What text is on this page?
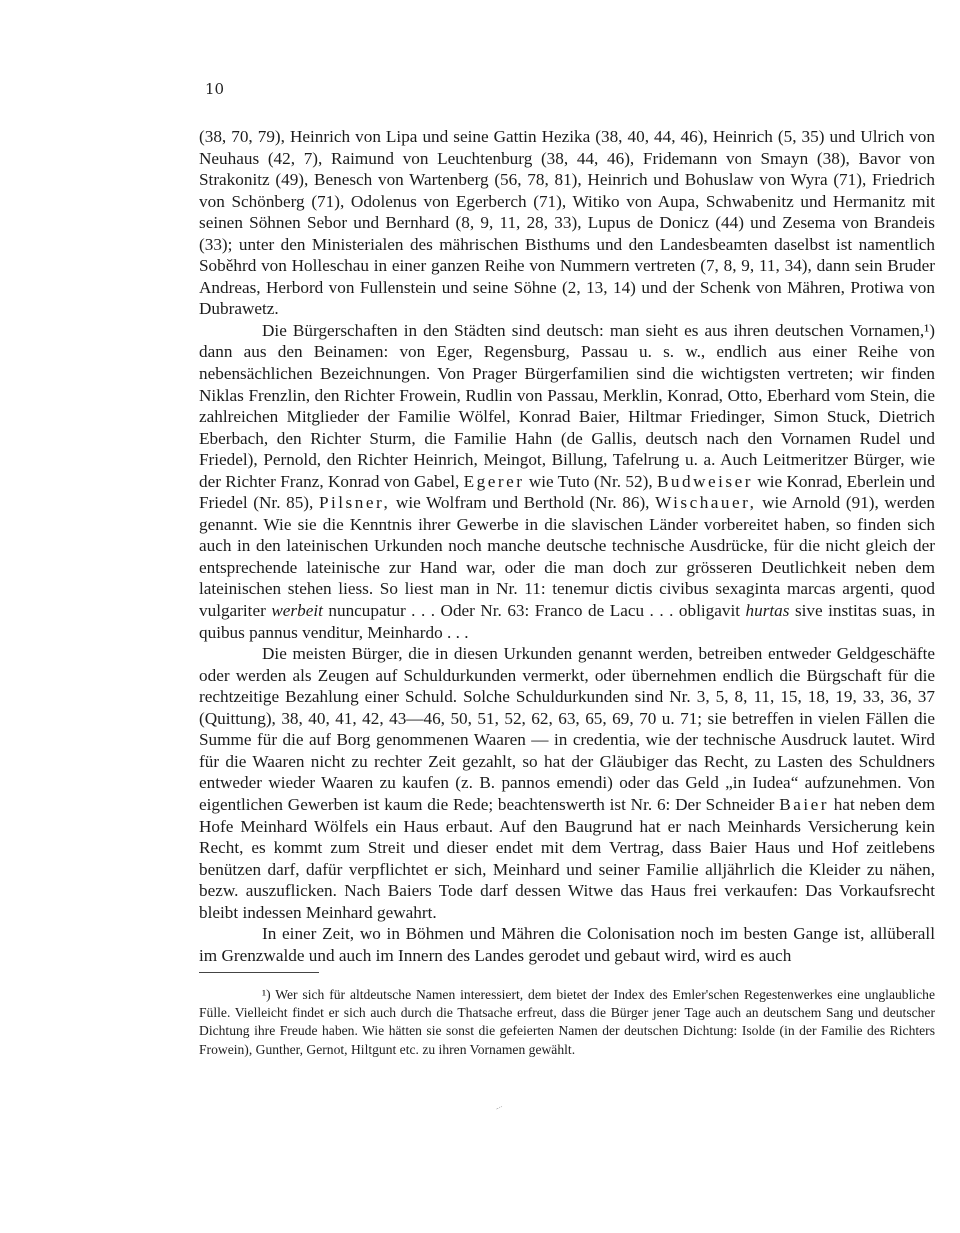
10

(38, 70, 79), Heinrich von Lipa und seine Gattin Hezika (38, 40, 44, 46), Heinrich (5, 35) und Ulrich von Neuhaus (42, 7), Raimund von Leuchtenburg (38, 44, 46), Fridemann von Smayn (38), Bavor von Strakonitz (49), Benesch von Wartenberg (56, 78, 81), Heinrich und Bohuslaw von Wyra (71), Friedrich von Schönberg (71), Odolenus von Egerberch (71), Witiko von Aupa, Schwabenitz und Hermanitz mit seinen Söhnen Sebor und Bernhard (8, 9, 11, 28, 33), Lupus de Donicz (44) und Zesema von Brandeis (33); unter den Ministerialen des mährischen Bisthums und den Landesbeamten daselbst ist namentlich Soběhrd von Holleschau in einer ganzen Reihe von Nummern vertreten (7, 8, 9, 11, 34), dann sein Bruder Andreas, Herbord von Fullenstein und seine Söhne (2, 13, 14) und der Schenk von Mähren, Protiwa von Dubrawetz.

Die Bürgerschaften in den Städten sind deutsch: man sieht es aus ihren deutschen Vornamen,¹) dann aus den Beinamen: von Eger, Regensburg, Passau u. s. w., endlich aus einer Reihe von nebensächlichen Bezeichnungen. Von Prager Bürgerfamilien sind die wichtigsten vertreten; wir finden Niklas Frenzlin, den Richter Frowein, Rudlin von Passau, Merklin, Konrad, Otto, Eberhard vom Stein, die zahlreichen Mitglieder der Familie Wölfel, Konrad Baier, Hiltmar Friedinger, Simon Stuck, Dietrich Eberbach, den Richter Sturm, die Familie Hahn (de Gallis, deutsch nach den Vornamen Rudel und Friedel), Pernold, den Richter Heinrich, Meingot, Billung, Tafelrung u. a. Auch Leitmeritzer Bürger, wie der Richter Franz, Konrad von Gabel, Egerer wie Tuto (Nr. 52), Budweiser wie Konrad, Eberlein und Friedel (Nr. 85), Pilsner, wie Wolfram und Berthold (Nr. 86), Wischauer, wie Arnold (91), werden genannt. Wie sie die Kenntnis ihrer Gewerbe in die slavischen Länder vorbereitet haben, so finden sich auch in den lateinischen Urkunden noch manche deutsche technische Ausdrücke, für die nicht gleich der entsprechende lateinische zur Hand war, oder die man doch zur grösseren Deutlichkeit neben dem lateinischen stehen liess. So liest man in Nr. 11: tenemur dictis civibus sexaginta marcas argenti, quod vulgariter werbeit nuncupatur . . . Oder Nr. 63: Franco de Lacu . . . obligavit hurtas sive institas suas, in quibus pannus venditur, Meinhardo . . .

Die meisten Bürger, die in diesen Urkunden genannt werden, betreiben entweder Geldgeschäfte oder werden als Zeugen auf Schuldurkunden vermerkt, oder übernehmen endlich die Bürgschaft für die rechtzeitige Bezahlung einer Schuld. Solche Schuldurkunden sind Nr. 3, 5, 8, 11, 15, 18, 19, 33, 36, 37 (Quittung), 38, 40, 41, 42, 43—46, 50, 51, 52, 62, 63, 65, 69, 70 u. 71; sie betreffen in vielen Fällen die Summe für die auf Borg genommenen Waaren — in credentia, wie der technische Ausdruck lautet. Wird für die Waaren nicht zu rechter Zeit gezahlt, so hat der Gläubiger das Recht, zu Lasten des Schuldners entweder wieder Waaren zu kaufen (z. B. pannos emendi) oder das Geld „in Iudea“ aufzunehmen. Von eigentlichen Gewerben ist kaum die Rede; beachtenswerth ist Nr. 6: Der Schneider Baier hat neben dem Hofe Meinhard Wölfels ein Haus erbaut. Auf den Baugrund hat er nach Meinhards Versicherung kein Recht, es kommt zum Streit und dieser endet mit dem Vertrag, dass Baier Haus und Hof zeitlebens benützen darf, dafür verpflichtet er sich, Meinhard und seiner Familie alljährlich die Kleider zu nähen, bezw. auszuflicken. Nach Baiers Tode darf dessen Witwe das Haus frei verkaufen: Das Vorkaufsrecht bleibt indessen Meinhard gewahrt.

In einer Zeit, wo in Böhmen und Mähren die Colonisation noch im besten Gange ist, allüberall im Grenzwalde und auch im Innern des Landes gerodet und gebaut wird, wird es auch

¹) Wer sich für altdeutsche Namen interessiert, dem bietet der Index des Emler'schen Regestenwerkes eine unglaubliche Fülle. Vielleicht findet er sich auch durch die Thatsache erfreut, dass die Bürger jener Tage auch an deutschem Sang und deutscher Dichtung ihre Freude haben. Wie hätten sie sonst die gefeierten Namen der deutschen Dichtung: Isolde (in der Familie des Richters Frowein), Gunther, Gernot, Hiltgunt etc. zu ihren Vornamen gewählt.
